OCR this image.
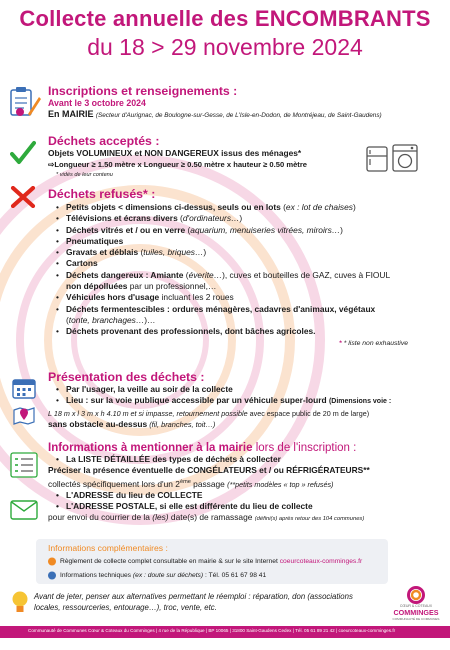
Collecte annuelle des ENCOMBRANTS
du 18 > 29 novembre 2024
Inscriptions et renseignements :
Avant le 3 octobre 2024
En MAIRIE (Secteur d'Aurignac, de Boulogne-sur-Gesse, de L'Isle-en-Dodon, de Montréjeau, de Saint-Gaudens)
Déchets acceptés :
Objets VOLUMINEUX et NON DANGEREUX issus des ménages*
⇨Longueur ≥ 1.50 mètre x Longueur ≥ 0.50 mètre x hauteur ≥ 0.50 mètre
* vidés de leur contenu
Déchets refusés* :
• Petits objets < dimensions ci-dessus, seuls ou en lots (ex : lot de chaises)
• Télévisions et écrans divers (d'ordinateurs…)
• Déchets vitrés et / ou en verre (aquarium, menuiseries vitrées, miroirs…)
• Pneumatiques
• Gravats et déblais (tuiles, briques…)
• Cartons
• Déchets dangereux : Amiante (éverite…), cuves et bouteilles de GAZ, cuves à FIOUL
non dépolluées par un professionnel,…
• Véhicules hors d'usage incluant les 2 roues
• Déchets fermentescibles : ordures ménagères, cadavres d'animaux, végétaux
(tonte, branchages…)…
• Déchets provenant des professionnels, dont bâches agricoles.
* * liste non exhaustive
Présentation des déchets :
• Par l'usager, la veille au soir de la collecte
• Lieu : sur la voie publique accessible par un véhicule super-lourd (Dimensions voie :
L 18 m x l 3 m x h 4.10 m et si impasse, retournement possible avec espace public de 20 m de large)
sans obstacle au-dessus (fil, branches, toit…)
Informations à mentionner à la mairie lors de l'inscription :
• La LISTE DÉTAILLÉE des types de déchets à collecter
Préciser la présence éventuelle de CONGÉLATEURS et / ou RÉFRIGÉRATEURS**
collectés spécifiquement lors d'un 2ème passage (**petits modèles « top » refusés)
• L'ADRESSE du lieu de COLLECTE
• L'ADRESSE POSTALE, si elle est différente du lieu de collecte
pour envoi du courrier de la (les) date(s) de ramassage (défini(s) après retour des 104 communes)
Informations complémentaires :
Règlement de collecte complet consultable en mairie & sur le site Internet coeurcoteaux-comminges.fr
Informations techniques (ex : doute sur déchets) : Tél. 05 61 67 98 41
Avant de jeter, penser aux alternatives permettant le réemploi : réparation, don (associations
locales, ressourceries, entourage…), troc, vente, etc.	CŒUR & COTEAUX
COMMINGES
COMMUNAUTÉ DE COMMUNES
Communauté de Communes Cœur & Coteaux du Comminges | 4 rue de la République | BP 10065 | 31800 Saint-Gaudens Cedex | Tél. 05 61 89 21 42 | coeurcoteaux-comminges.fr
